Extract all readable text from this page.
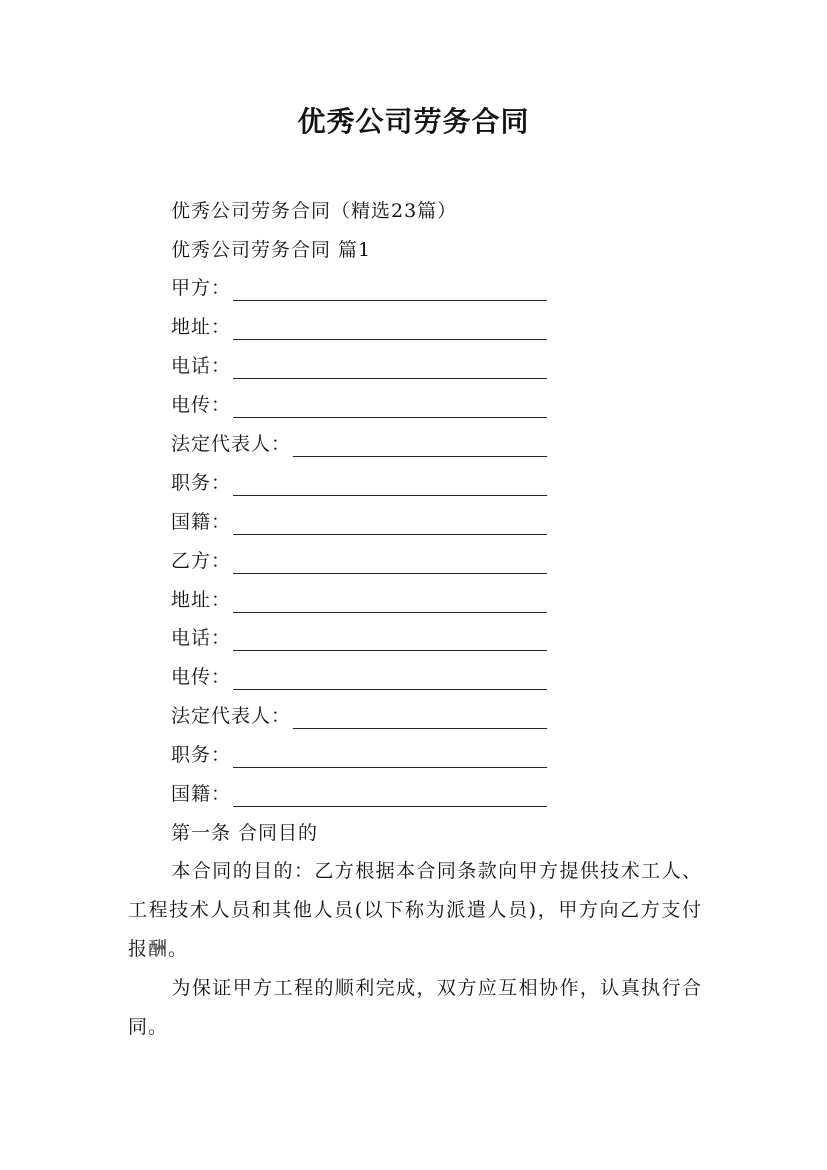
优秀公司劳务合同
优秀公司劳务合同（精选23篇）
优秀公司劳务合同 篇1
甲方：
地址：
电话：
电传：
法定代表人：
职务：
国籍：
乙方：
地址：
电话：
电传：
法定代表人：
职务：
国籍：
第一条 合同目的
本合同的目的：乙方根据本合同条款向甲方提供技术工人、工程技术人员和其他人员(以下称为派遣人员)，甲方向乙方支付报酬。
为保证甲方工程的顺利完成，双方应互相协作，认真执行合同。
